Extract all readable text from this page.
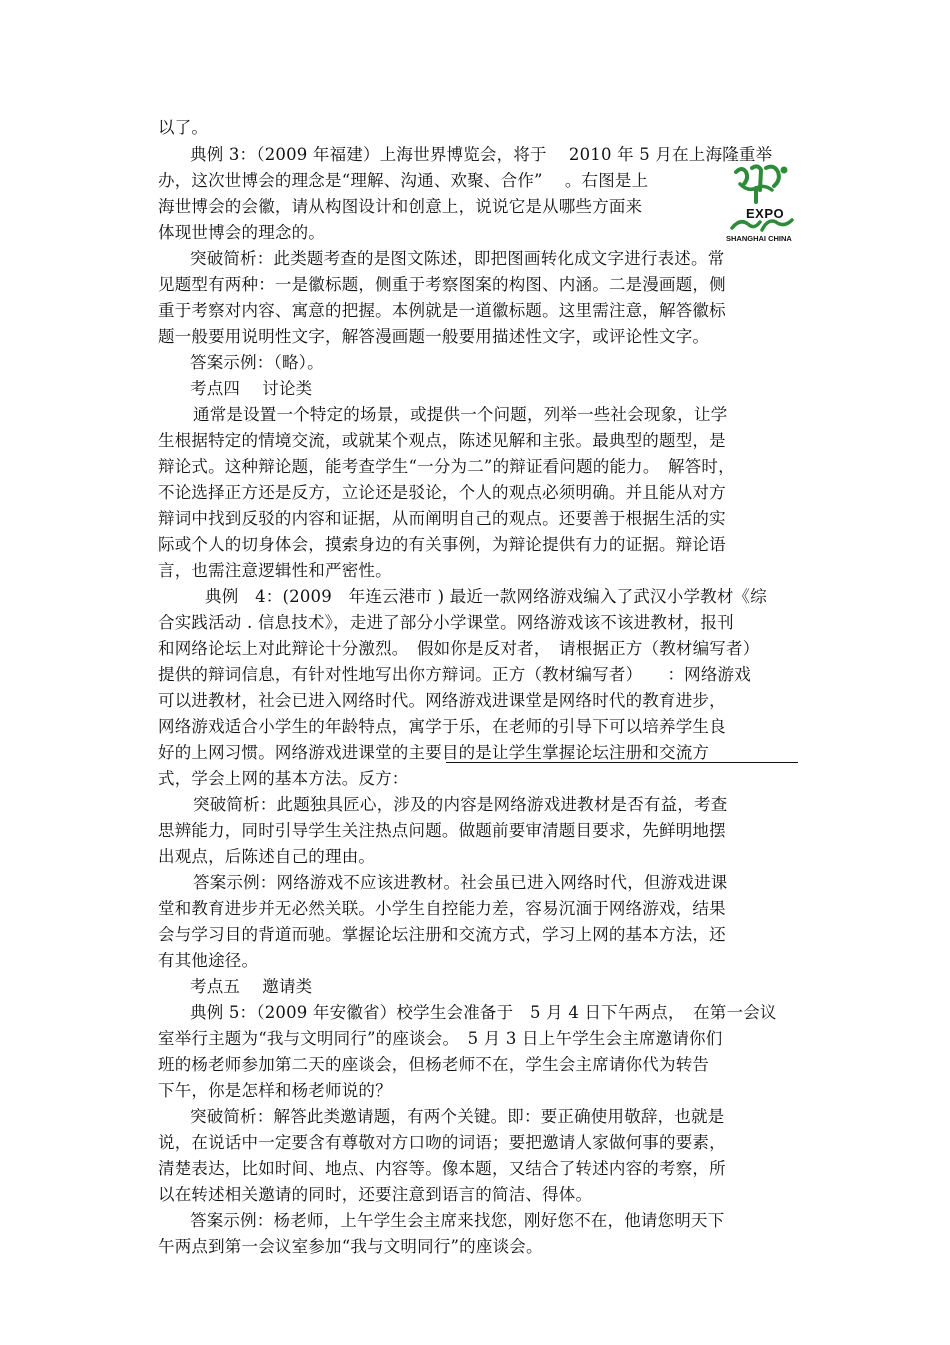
以了。
典例 3：（2009 年福建）上海世界博览会，将于　 2010 年 5 月在上海隆重举
办，这次世博会的理念是“理解、沟通、欢聚、合作”　 。右图是上
海世博会的会徽，请从构图设计和创意上，说说它是从哪些方面来
体现世博会的理念的。
突破简析：此类题考查的是图文陈述，即把图画转化成文字进行表述。常
见题型有两种：一是徽标题，侧重于考察图案的构图、内涵。二是漫画题，侧
重于考察对内容、寓意的把握。本例就是一道徽标题。这里需注意，解答徽标
题一般要用说明性文字，解答漫画题一般要用描述性文字，或评论性文字。
答案示例：（略）。
考点四　 讨论类
通常是设置一个特定的场景，或提供一个问题，列举一些社会现象，让学
生根据特定的情境交流，或就某个观点，陈述见解和主张。最典型的题型，是
辩论式。这种辩论题，能考查学生“一分为二”的辩证看问题的能力。　解答时，
不论选择正方还是反方，立论还是驳论，个人的观点必须明确。并且能从对方
辩词中找到反驳的内容和证据，从而阐明自己的观点。还要善于根据生活的实
际或个人的切身体会，摸索身边的有关事例，为辩论提供有力的证据。辩论语
言，也需注意逻辑性和严密性。
典例　4：(2009　年连云港市 ) 最近一款网络游戏编入了武汉小学教材《综
合实践活动 . 信息技术》，走进了部分小学课堂。网络游戏该不该进教材，报刊
和网络论坛上对此辩论十分激烈。　假如你是反对者，　请根据正方（教材编写者）
提供的辩词信息，有针对性地写出你方辩词。正方（教材编写者）　　：网络游戏
可以进教材，社会已进入网络时代。网络游戏进课堂是网络时代的教育进步，
网络游戏适合小学生的年龄特点，寓学于乐，在老师的引导下可以培养学生良
好的上网习惯。网络游戏进课堂的主要目的是让学生掌握论坛注册和交流方
式，学会上网的基本方法。反方：
突破简析：此题独具匠心，涉及的内容是网络游戏进教材是否有益，考查
思辨能力，同时引导学生关注热点问题。做题前要审清题目要求，先鲜明地摆
出观点，后陈述自己的理由。
答案示例：网络游戏不应该进教材。社会虽已进入网络时代，但游戏进课
堂和教育进步并无必然关联。小学生自控能力差，容易沉湎于网络游戏，结果
会与学习目的背道而驰。掌握论坛注册和交流方式，学习上网的基本方法，还
有其他途径。
考点五　 邀请类
典例 5：（2009 年安徽省）校学生会准备于　5 月 4 日下午两点，　在第一会议
室举行主题为“我与文明同行”的座谈会。　5 月 3 日上午学生会主席邀请你们
班的杨老师参加第二天的座谈会，但杨老师不在，学生会主席请你代为转告
下午，你是怎样和杨老师说的？
突破简析：解答此类邀请题，有两个关键。即：要正确使用敬辞，也就是
说，在说话中一定要含有尊敬对方口吻的词语；要把邀请人家做何事的要素，
清楚表达，比如时间、地点、内容等。像本题，又结合了转述内容的考察，所
以在转述相关邀请的同时，还要注意到语言的简洁、得体。
答案示例：杨老师，上午学生会主席来找您，刚好您不在，他请您明天下
午两点到第一会议室参加“我与文明同行”的座谈会。
EXPO
SHANGHAI CHINA
